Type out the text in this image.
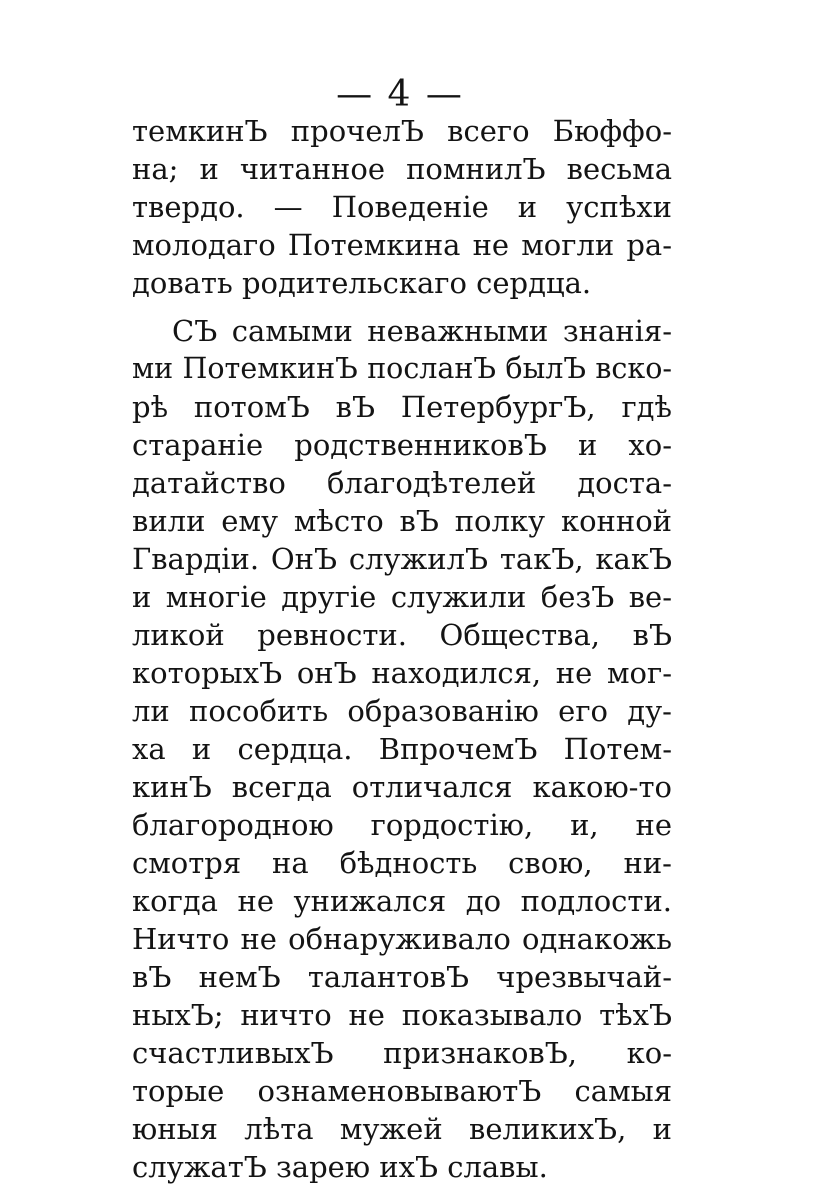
— 4 —
темкинЪ прочелЪ всего Бюффо-
на; и читанное помнилЪ весьма
твердо. — Поведеніе и успѣхи
молодаго Потемкина не могли ра-
довать родительскаго сердца.
СЪ самыми неважными знанія-
ми ПотемкинЪ посланЪ былЪ вско-
рѣ потомЪ вЪ ПетербургЪ, гдѣ
стараніе родственниковЪ и хо-
датайство благодѣтелей доста-
вили ему мѣсто вЪ полку конной
Гвардіи. ОнЪ служилЪ такЪ, какЪ
и многіе другіе служили безЪ ве-
ликой ревности. Общества, вЪ
которыхЪ онЪ находился, не мог-
ли пособить образованію его ду-
ха и сердца. ВпрочемЪ Потем-
кинЪ всегда отличался какою-то
благородною гордостію, и, не
смотря на бѣдность свою, ни-
когда не унижался до подлости.
Ничто не обнаруживало однакожь
вЪ немЪ талантовЪ чрезвычай-
ныхЪ; ничто не показывало тѣхЪ
счастливыхЪ признаковЪ, ко-
торые ознаменовываютЪ самыя
юныя лѣта мужей великихЪ, и
служатЪ зарею ихЪ славы.
